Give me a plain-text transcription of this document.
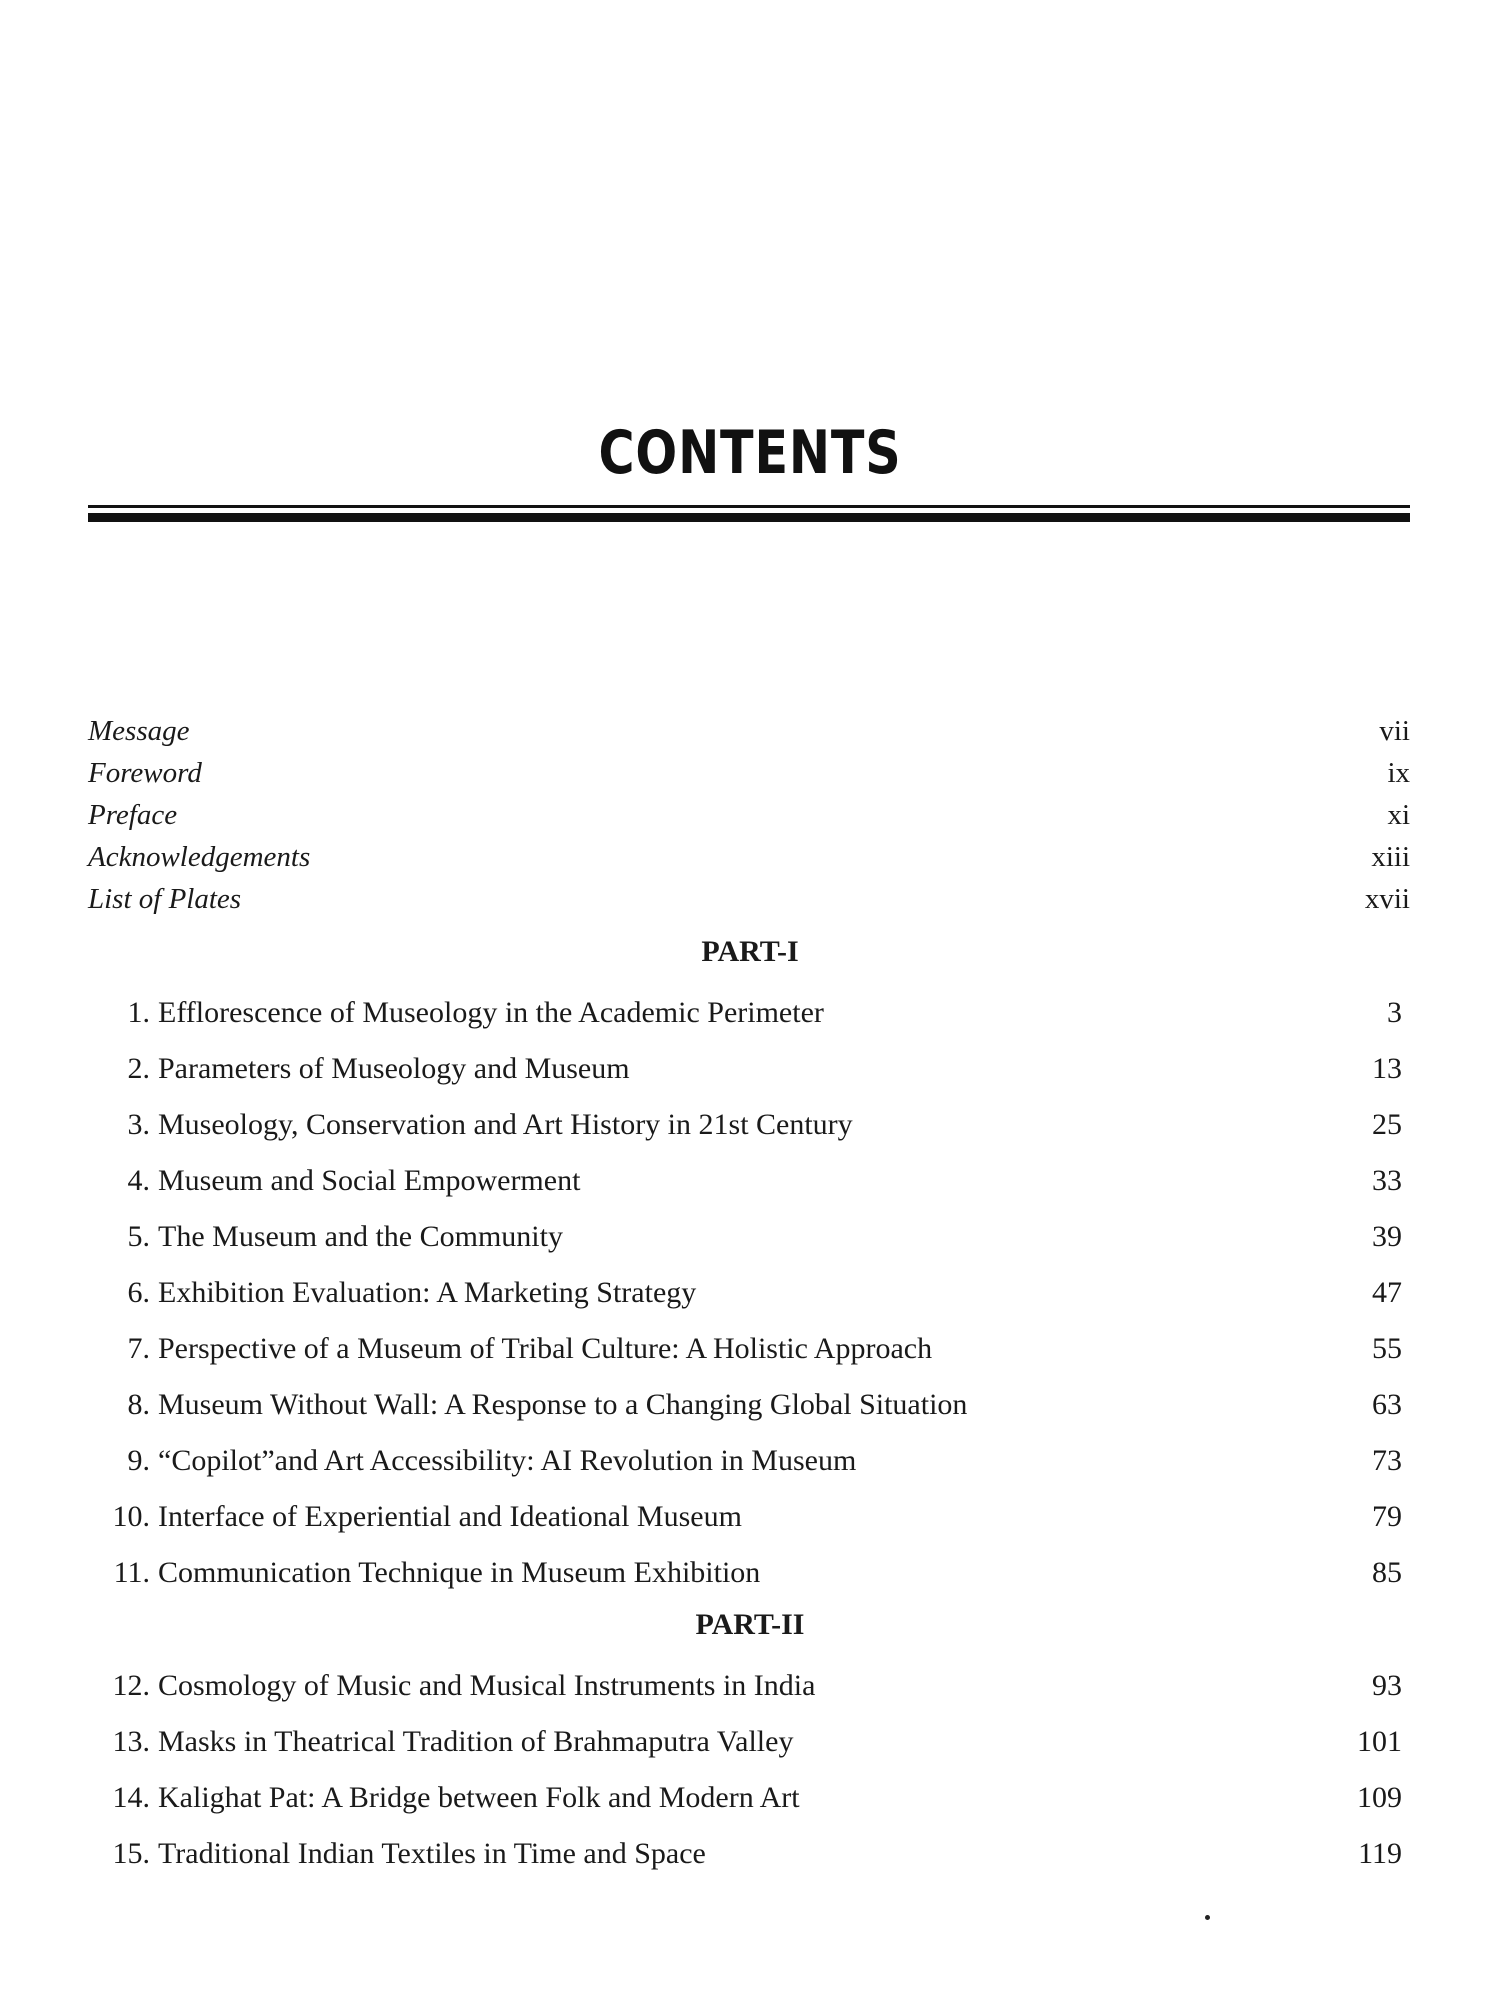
CONTENTS
Message	vii
Foreword	ix
Preface	xi
Acknowledgements	xiii
List of Plates	xvii
PART-I
1. Efflorescence of Museology in the Academic Perimeter	3
2. Parameters of Museology and Museum	13
3. Museology, Conservation and Art History in 21st Century	25
4. Museum and Social Empowerment	33
5. The Museum and the Community	39
6. Exhibition Evaluation: A Marketing Strategy	47
7. Perspective of a Museum of Tribal Culture: A Holistic Approach	55
8. Museum Without Wall: A Response to a Changing Global Situation	63
9. “Copilot”and Art Accessibility: AI Revolution in Museum	73
10. Interface of Experiential and Ideational Museum	79
11. Communication Technique in Museum Exhibition	85
PART-II
12. Cosmology of Music and Musical Instruments in India	93
13. Masks in Theatrical Tradition of Brahmaputra Valley	101
14. Kalighat Pat: A Bridge between Folk and Modern Art	109
15. Traditional Indian Textiles in Time and Space	119
